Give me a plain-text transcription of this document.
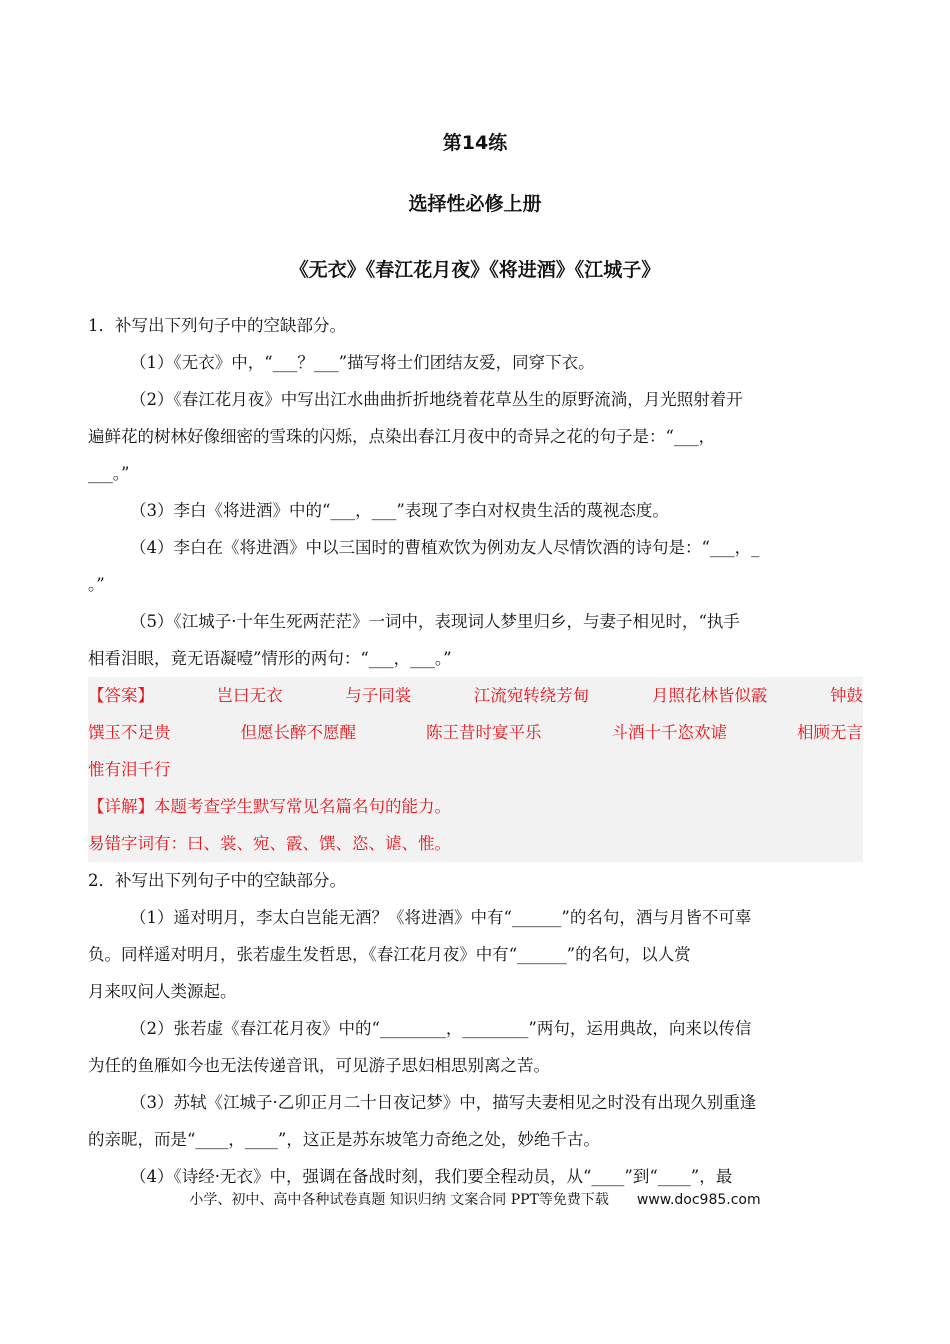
第14练
选择性必修上册
《无衣》《春江花月夜》《将进酒》《江城子》
1．补写出下列句子中的空缺部分。
（1）《无衣》中，“___？___”描写将士们团结友爱，同穿下衣。
（2）《春江花月夜》中写出江水曲曲折折地绕着花草丛生的原野流淌，月光照射着开
遍鲜花的树林好像细密的雪珠的闪烁，点染出春江月夜中的奇异之花的句子是：“___，
___。”
（3）李白《将进酒》中的“___，___”表现了李白对权贵生活的蔑视态度。
（4）李白在《将进酒》中以三国时的曹植欢饮为例劝友人尽情饮酒的诗句是：“___，_
。”
（5）《江城子·十年生死两茫茫》一词中，表现词人梦里归乡，与妻子相见时，“执手
相看泪眼，竟无语凝噎”情形的两句：“___，___。”
【答案】	岂曰无衣	与子同裳	江流宛转绕芳甸	月照花林皆似霰	钟鼓
馔玉不足贵	但愿长醉不愿醒	陈王昔时宴平乐	斗酒十千恣欢谑	相顾无言
惟有泪千行
【详解】本题考查学生默写常见名篇名句的能力。
易错字词有：曰、裳、宛、霰、馔、恣、谑、惟。
2．补写出下列句子中的空缺部分。
（1）遥对明月，李太白岂能无酒？《将进酒》中有“______”的名句，酒与月皆不可辜
负。同样遥对明月，张若虚生发哲思，《春江花月夜》中有“______”的名句，以人赏
月来叹问人类源起。
（2）张若虚《春江花月夜》中的“________，________”两句，运用典故，向来以传信
为任的鱼雁如今也无法传递音讯，可见游子思妇相思别离之苦。
（3）苏轼《江城子·乙卯正月二十日夜记梦》中，描写夫妻相见之时没有出现久别重逢
的亲昵，而是“____，____”，这正是苏东坡笔力奇绝之处，妙绝千古。
（4）《诗经·无衣》中，强调在备战时刻，我们要全程动员，从“____”到“____”，最
小学、初中、高中各种试卷真题 知识归纳 文案合同 PPT等免费下载 www.doc985.com
